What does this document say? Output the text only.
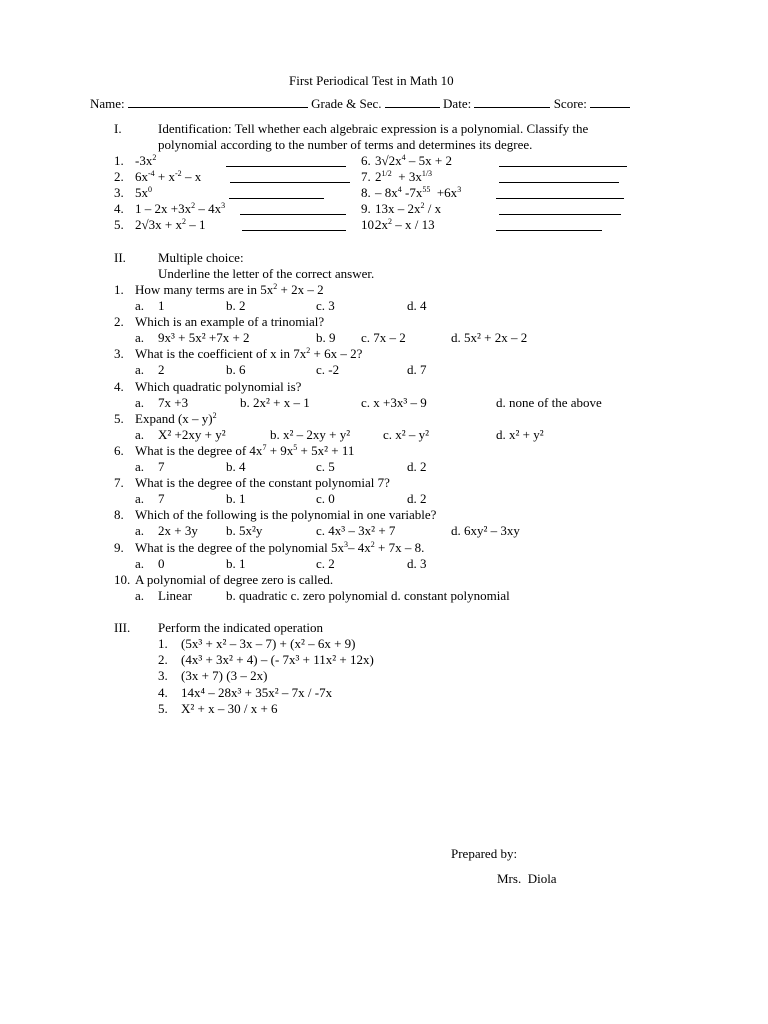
First Periodical Test in Math 10
Name:	Grade & Sec.	Date:	Score:
I.	Identification: Tell whether each algebraic expression is a polynomial. Classify the
polynomial according to the number of terms and determines its degree.
1. $-3x^2$
2. $6x^{-4} + x^{-2} - x$
3. $5x^0$
4. $1 - 2x +3x^2 - 4x^3$
5. $2√3x + x^2 - 1$
6. $3√2x^4 - 5x + 2$
7. $2^{1/2} + 3x^{1/3}$
8. – $8x^4$ $-7x^{55} +6x^3$
9. $13x - 2x^2$ / x
10.
$2x^2$ – x / 13
II. Multiple choice:
Underline the letter of the correct answer.
1. How many terms are in $5x^2 + 2x - 2$
a. 1	b. 2	c. 3	d. 4
2. Which is an example of a trinomial?
a. 9x³ + 5x² +7x + 2	b. 9 c. 7x – 2	d. 5x² + 2x – 2
3. What is the coefficient of x in $7x^2 + 6x - 2$?
a. 2	b. 6	c. -2	d. 7
4. Which quadratic polynomial is?
a. 7x +3	b. 2x² + x – 1	c. x +3x³ – 9	d. none of the above
5. Expand (x – y)$^2$
a. X² +2xy + y²	b. x² – 2xy + y²	c. x² – y²	d. x² + y²
6. What is the degree of $4x^7 + 9x^5 + 5x^2 + 11$
a. 7	b. 4	c. 5	d. 2
7. What is the degree of the constant polynomial 7?
a. 7	b. 1	c. 0	d. 2
8. Which of the following is the polynomial in one variable?
a. 2x + 3y b. 5x²y	c. 4x³ – 3x² + 7	d. 6xy² – 3xy
9. What is the degree of the polynomial $5x^3-$ $4x^2 + 7x - 8$.
a. 0	b. 1	c. 2	d. 3
10. A polynomial of degree zero is called.
a. Linear	b. quadratic c. zero polynomial d. constant polynomial
III. Perform the indicated operation
1. (5x³ + x² – 3x – 7) + (x² – 6x + 9)
2. (4x³ + 3x² + 4) – (- 7x³ + 11x² + 12x)
3. (3x + 7) (3 – 2x)
4. 14x⁴ – 28x³ + 35x² – 7x / -7x
5. X² + x – 30 / x + 6
Prepared by:
Mrs.  Diola
